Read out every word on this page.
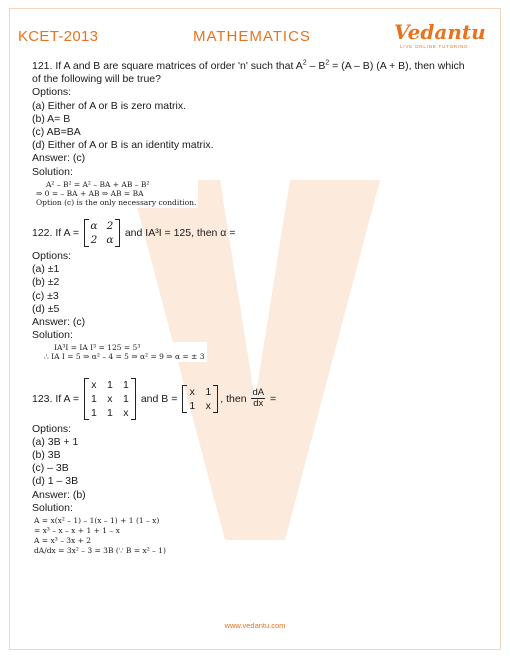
KCET-2013	MATHEMATICS	Vedantu
LIVE ONLINE TUTORING
121. If A and B are square matrices of order 'n' such that $A^2 - B^2 = (A - B) (A + B)$, then which
of the following will be true?
Options:
(a) Either of A or B is zero matrix.
(b) A= B
(c) AB=BA
(d) Either of A or B is an identity matrix.
Answer: (c)
Solution:
A² – B² = A² – BA + AB – B²
⇒ 0 = – BA + AB ⇒ AB = BA
Option (c) is the only necessary condition.
122. If A =
α 2
2 α
and IA³I = 125, then α =
Options:
(a) ±1
(b) ±2
(c) ±3
(d) ±5
Answer: (c)
Solution:
IA³I = IA I³ = 125 = 5³
∴ IA I = 5 ⇒ α² – 4 = 5 ⇒ α² = 9 ⇒ α = ± 3
123. If A =
x 1 1
1 x 1
1 1 x
and B =
x 1
1 x
, then $\frac{dA}{dx}$ =
Options:
(a) 3B + 1
(b) 3B
(c) – 3B
(d) 1 – 3B
Answer: (b)
Solution:
A = x(x² – 1) – 1(x – 1) + 1 (1 – x)
= x³ – x – x + 1 + 1 – x
A = x³ – 3x + 2
dA/dx = 3x² – 3 = 3B (∵ B = x² – 1)
www.vedantu.com
